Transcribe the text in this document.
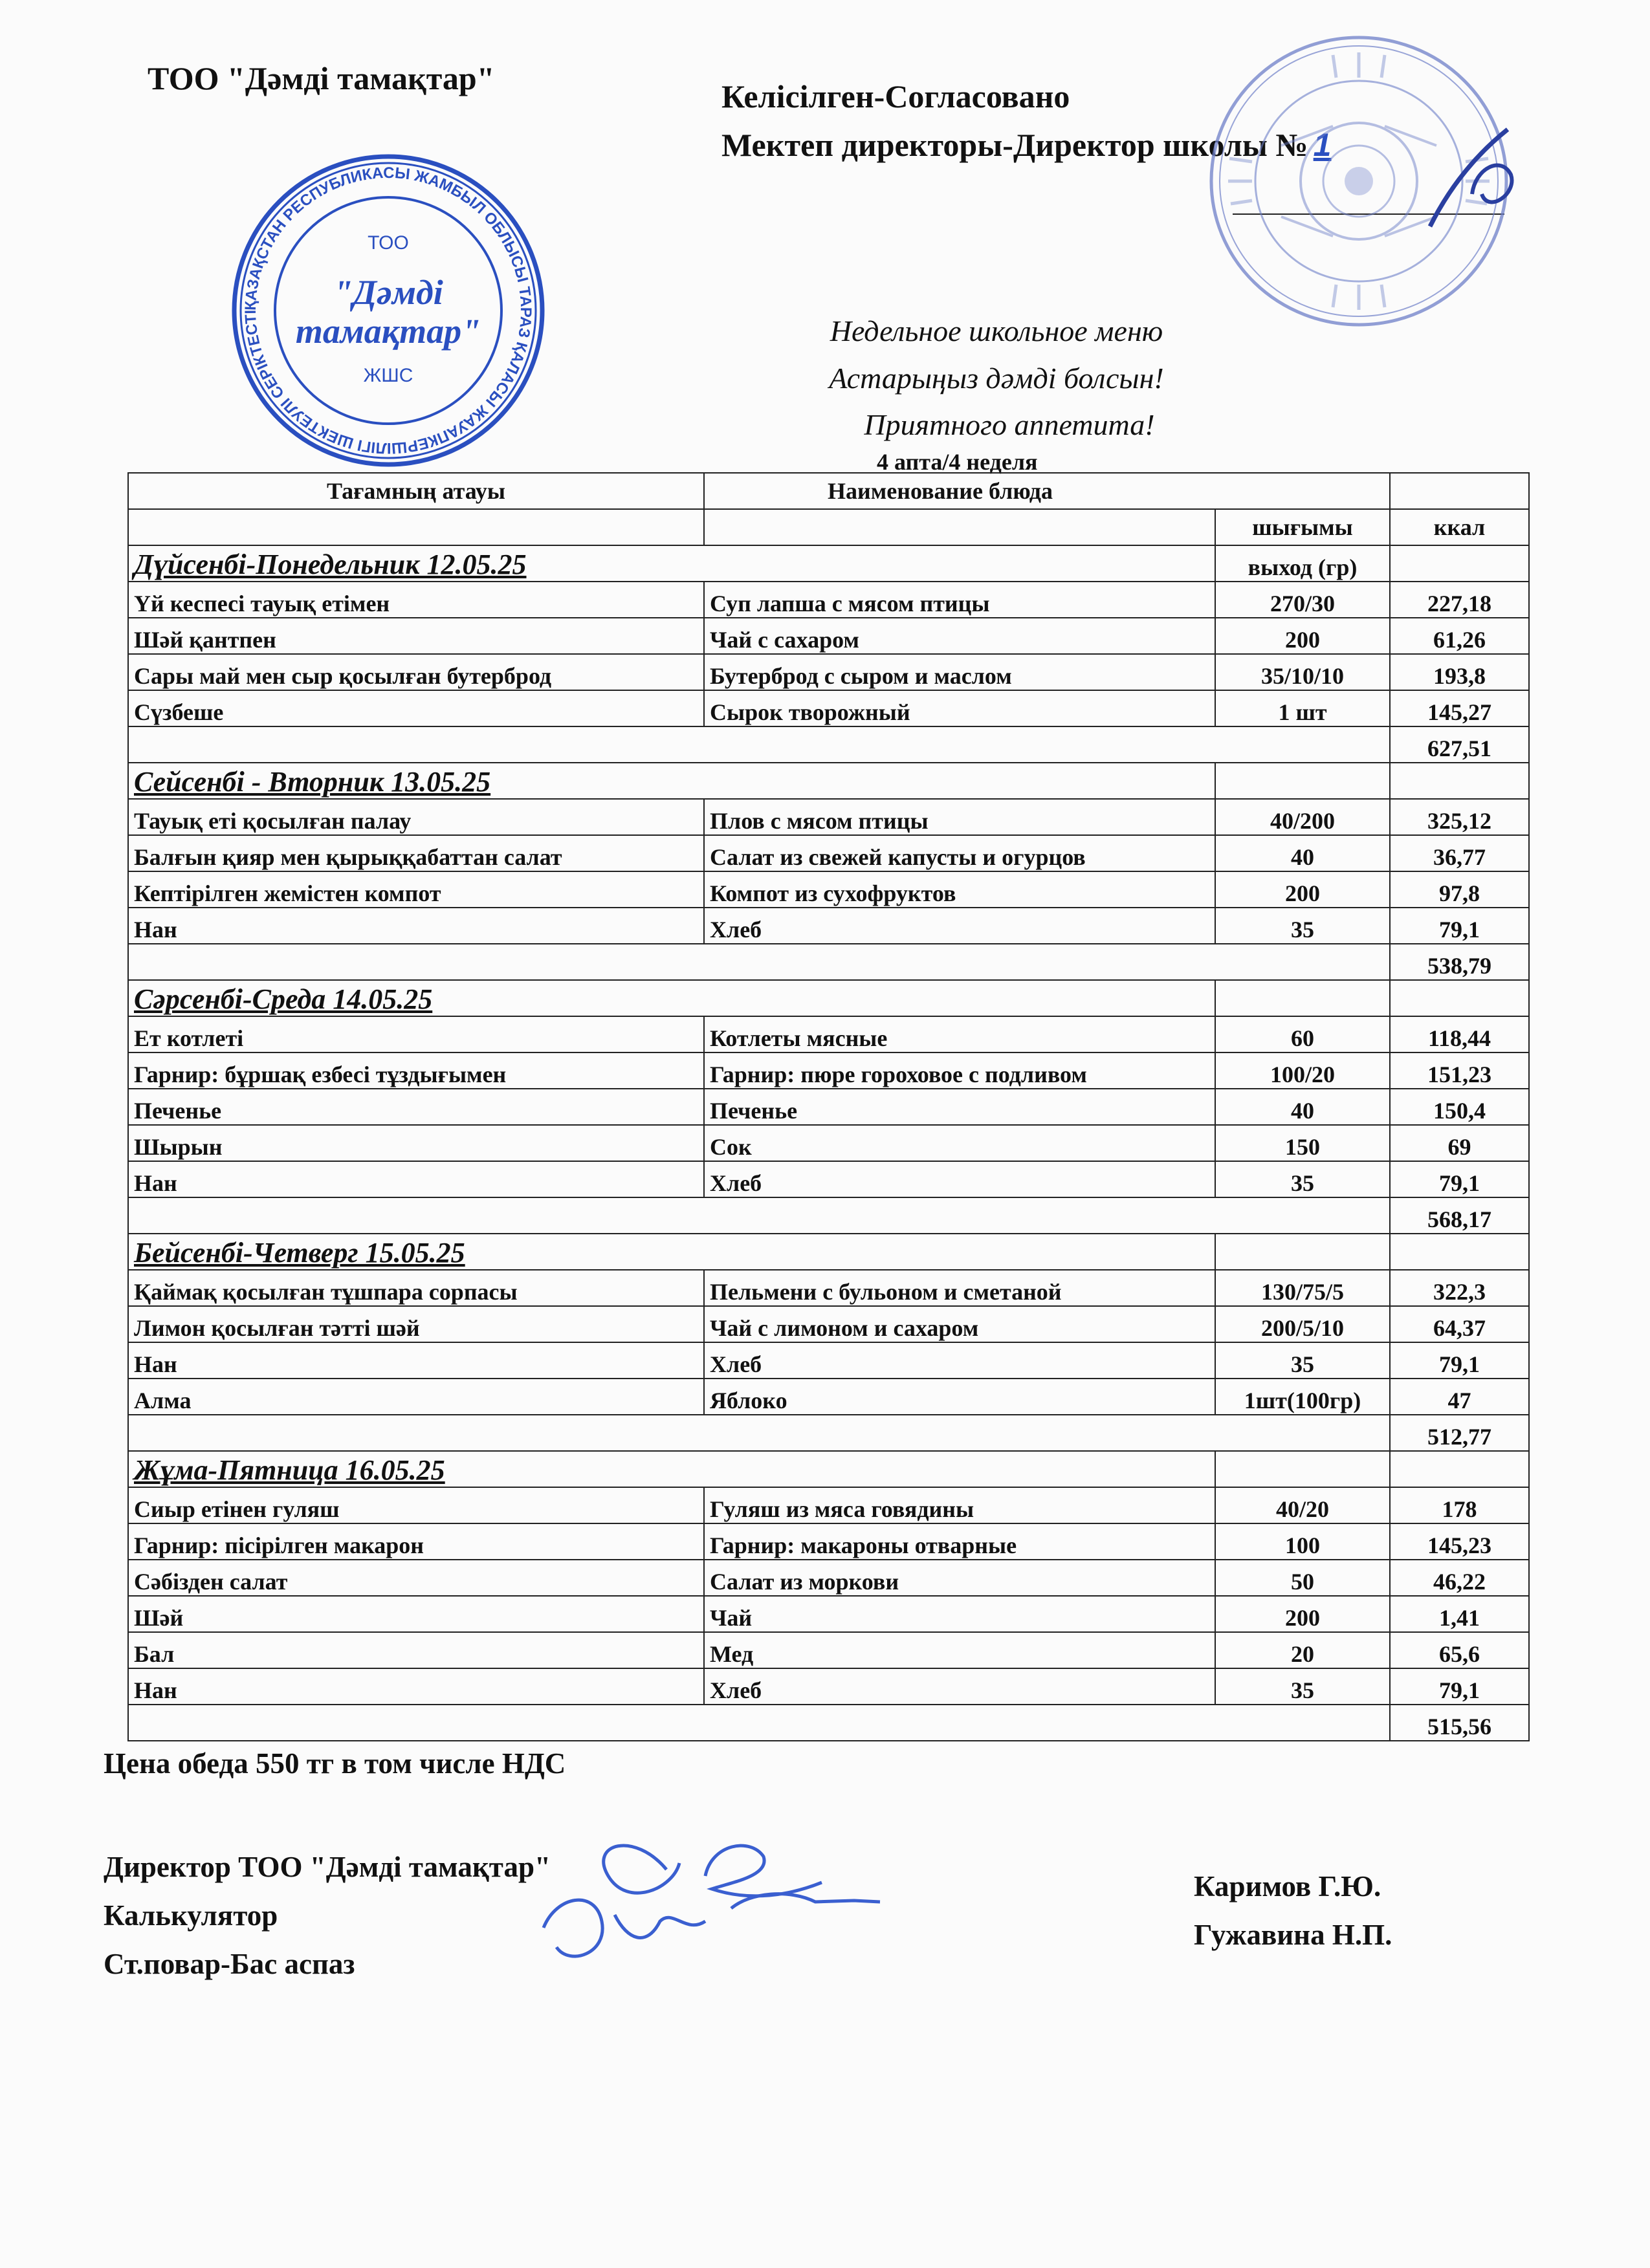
ТОО "Дәмді тамақтар"	Келісілген-Согласовано
Мектеп директоры-Директор школы № 1
ҚАЗАҚСТАН РЕСПУБЛИКАСЫ ЖАМБЫЛ ОБЛЫСЫ ТАРАЗ ҚАЛАСЫ ЖАУАПКЕРШІЛІГІ ШЕКТЕУЛІ СЕРІКТЕСТІ
ТОО
"Дәмді
тамақтар"
ЖШС
Недельное школьное меню
Астарыңыз дәмді болсын!
Приятного аппетита!
4 апта/4 неделя
Тағамның атауы	Наименование блюда		
		шығымы	ккал
Дүйсенбі-Понедельник 12.05.25		выход (гр)	
Үй кеспесі тауық етімен	Суп лапша с мясом птицы	270/30	227,18
Шәй қантпен	Чай с сахаром	200	61,26
Сары май мен сыр қосылған бутерброд	Бутерброд с сыром и маслом	35/10/10	193,8
Сүзбеше	Сырок творожный	1 шт	145,27
			627,51
Сейсенбі - Вторник 13.05.25			
Тауық еті қосылған палау	Плов с мясом птицы	40/200	325,12
Балғын қияр мен қырыққабаттан салат	Салат из свежей капусты и огурцов	40	36,77
Кептірілген жемістен компот	Компот из сухофруктов	200	97,8
Нан	Хлеб	35	79,1
			538,79
Сәрсенбі-Среда 14.05.25			
Ет котлеті	Котлеты мясные	60	118,44
Гарнир: бұршақ езбесі тұздығымен	Гарнир: пюре гороховое с подливом	100/20	151,23
Печенье	Печенье	40	150,4
Шырын	Сок	150	69
Нан	Хлеб	35	79,1
			568,17
Бейсенбі-Четверг 15.05.25			
Қаймақ қосылған тұшпара сорпасы	Пельмени с бульоном и сметаной	130/75/5	322,3
Лимон қосылған тәтті шәй	Чай с лимоном и сахаром	200/5/10	64,37
Нан	Хлеб	35	79,1
Алма	Яблоко	1шт(100гр)	47
			512,77
Жұма-Пятница 16.05.25			
Сиыр етінен гуляш	Гуляш из мяса говядины	40/20	178
Гарнир: пісірілген макарон	Гарнир: макароны отварные	100	145,23
Сәбізден салат	Салат из моркови	50	46,22
Шәй	Чай	200	1,41
Бал	Мед	20	65,6
Нан	Хлеб	35	79,1
			515,56
Цена обеда 550 тг в том числе НДС
Директор ТОО "Дәмді тамақтар"
Калькулятор
Ст.повар-Бас аспаз
Каримов Г.Ю.
Гужавина Н.П.
